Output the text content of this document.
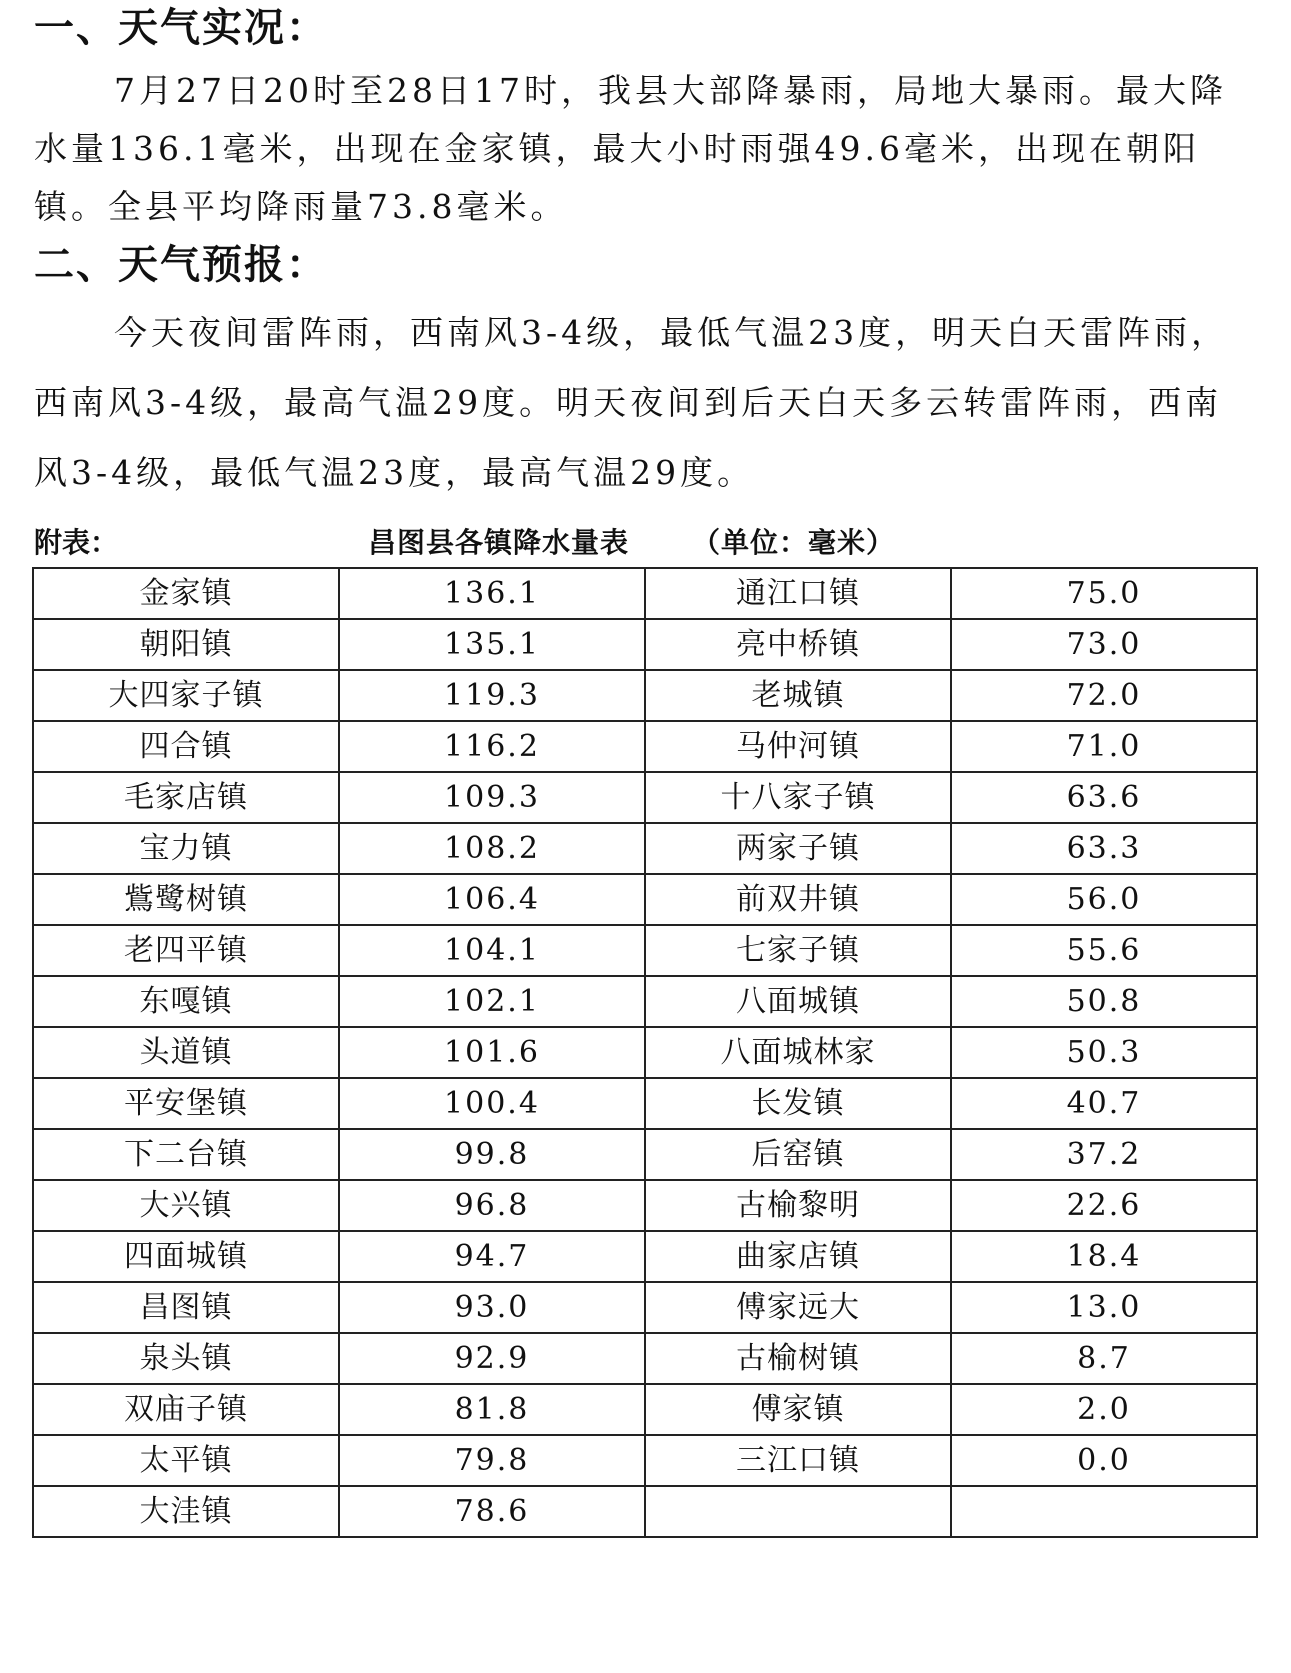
一、天气实况：

7月27日20时至28日17时，我县大部降暴雨，局地大暴雨。最大降水量136.1毫米，出现在金家镇，最大小时雨强49.6毫米，出现在朝阳镇。全县平均降雨量73.8毫米。

二、天气预报：

今天夜间雷阵雨，西南风3-4级，最低气温23度，明天白天雷阵雨，西南风3-4级，最高气温29度。明天夜间到后天白天多云转雷阵雨，西南风3-4级，最低气温23度，最高气温29度。

附表：	昌图县各镇降水量表 （单位：毫米）
金家镇	136.1	通江口镇	75.0
朝阳镇	135.1	亮中桥镇	73.0
大四家子镇	119.3	老城镇	72.0
四合镇	116.2	马仲河镇	71.0
毛家店镇	109.3	十八家子镇	63.6
宝力镇	108.2	两家子镇	63.3
鴜鹭树镇	106.4	前双井镇	56.0
老四平镇	104.1	七家子镇	55.6
东嘎镇	102.1	八面城镇	50.8
头道镇	101.6	八面城林家	50.3
平安堡镇	100.4	长发镇	40.7
下二台镇	99.8	后窑镇	37.2
大兴镇	96.8	古榆黎明	22.6
四面城镇	94.7	曲家店镇	18.4
昌图镇	93.0	傅家远大	13.0
泉头镇	92.9	古榆树镇	8.7
双庙子镇	81.8	傅家镇	2.0
太平镇	79.8	三江口镇	0.0
大洼镇	78.6		
